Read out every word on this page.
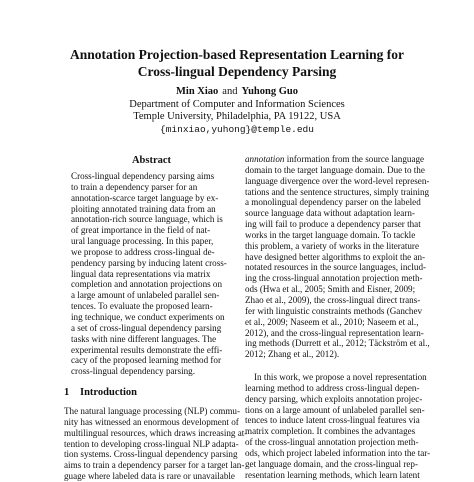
Annotation Projection-based Representation Learning for
Cross-lingual Dependency Parsing
Min Xiao and Yuhong Guo
Department of Computer and Information Sciences
Temple University, Philadelphia, PA 19122, USA
{minxiao,yuhong}@temple.edu
Abstract
Cross-lingual dependency parsing aims
to train a dependency parser for an
annotation-scarce target language by ex-
ploiting annotated training data from an
annotation-rich source language, which is
of great importance in the field of nat-
ural language processing. In this paper,
we propose to address cross-lingual de-
pendency parsing by inducing latent cross-
lingual data representations via matrix
completion and annotation projections on
a large amount of unlabeled parallel sen-
tences. To evaluate the proposed learn-
ing technique, we conduct experiments on
a set of cross-lingual dependency parsing
tasks with nine different languages. The
experimental results demonstrate the effi-
cacy of the proposed learning method for
cross-lingual dependency parsing.
1 Introduction
The natural language processing (NLP) commu-
nity has witnessed an enormous development of
multilingual resources, which draws increasing at-
tention to developing cross-lingual NLP adapta-
tion systems. Cross-lingual dependency parsing
aims to train a dependency parser for a target lan-
guage where labeled data is rare or unavailable
annotation information from the source language
domain to the target language domain. Due to the
language divergence over the word-level represen-
tations and the sentence structures, simply training
a monolingual dependency parser on the labeled
source language data without adaptation learn-
ing will fail to produce a dependency parser that
works in the target language domain. To tackle
this problem, a variety of works in the literature
have designed better algorithms to exploit the an-
notated resources in the source languages, includ-
ing the cross-lingual annotation projection meth-
ods (Hwa et al., 2005; Smith and Eisner, 2009;
Zhao et al., 2009), the cross-lingual direct trans-
fer with linguistic constraints methods (Ganchev
et al., 2009; Naseem et al., 2010; Naseem et al.,
2012), and the cross-lingual representation learn-
ing methods (Durrett et al., 2012; Täckström et al.,
2012; Zhang et al., 2012).
In this work, we propose a novel representation
learning method to address cross-lingual depen-
dency parsing, which exploits annotation projec-
tions on a large amount of unlabeled parallel sen-
tences to induce latent cross-lingual features via
matrix completion. It combines the advantages
of the cross-lingual annotation projection meth-
ods, which project labeled information into the tar-
get language domain, and the cross-lingual rep-
resentation learning methods, which learn latent
